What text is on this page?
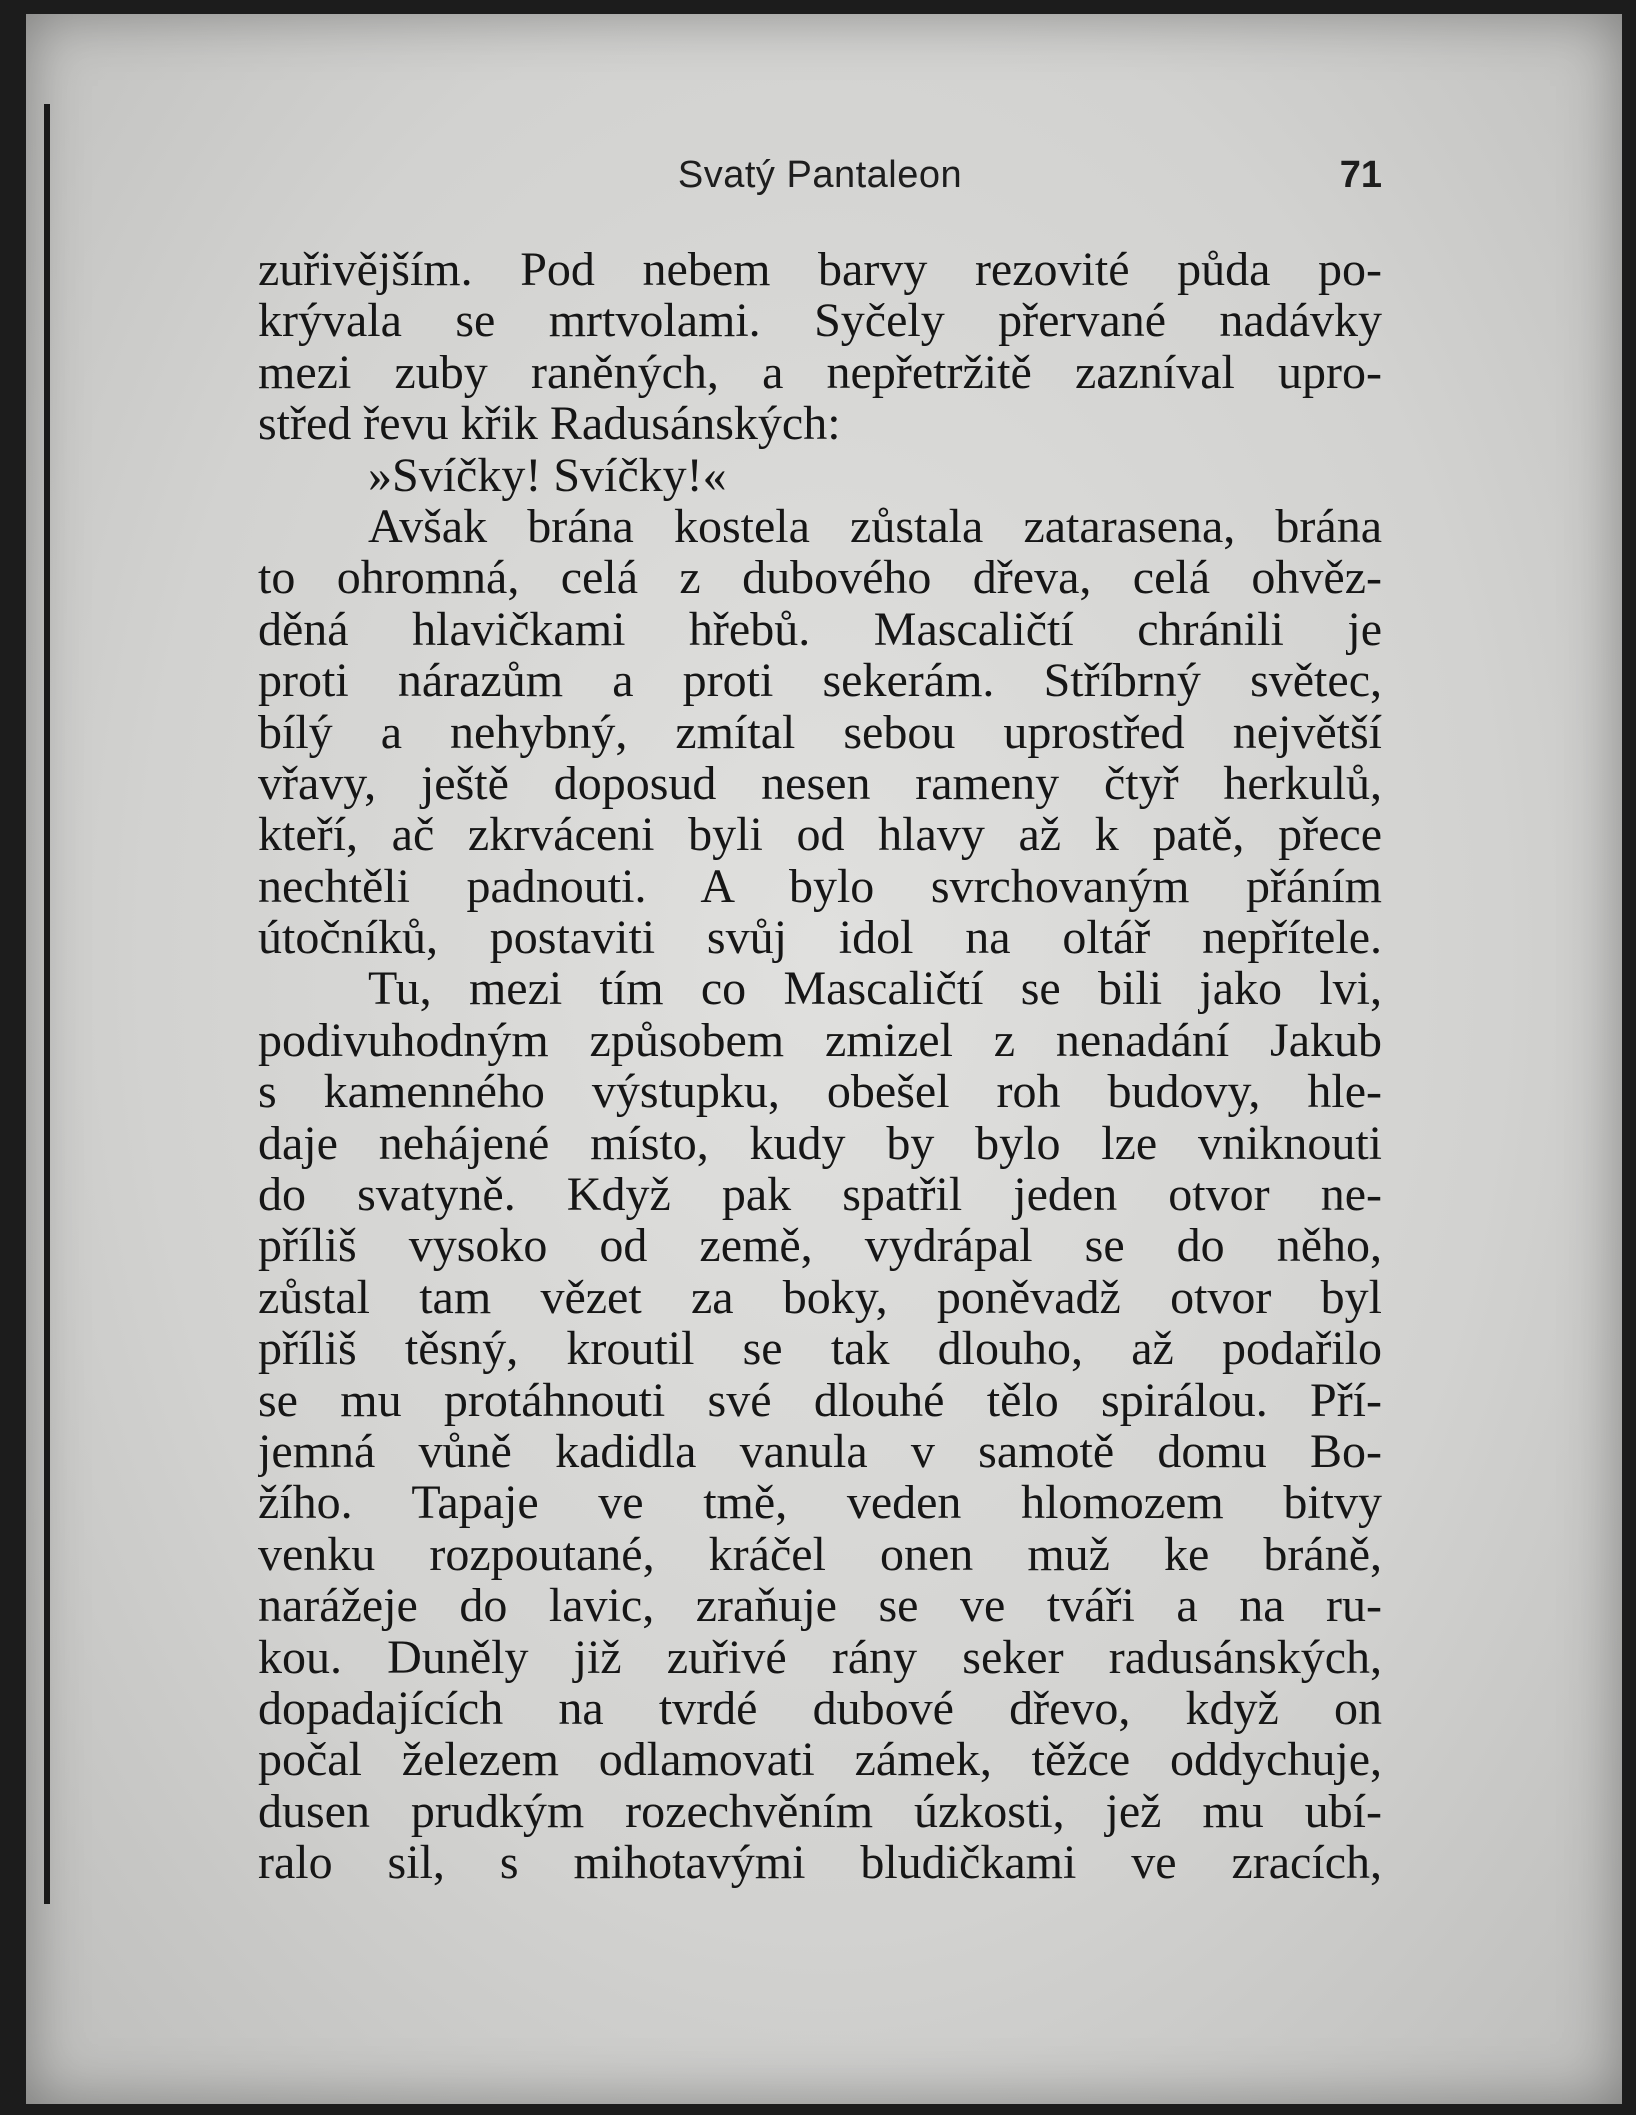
Svatý Pantaleon	71
zuřivějším. Pod nebem barvy rezovité půda po-
krývala se mrtvolami. Syčely přervané nadávky
mezi zuby raněných, a nepřetržitě zazníval upro-
střed řevu křik Radusánských:
»Svíčky! Svíčky!«
Avšak brána kostela zůstala zatarasena, brána
to ohromná, celá z dubového dřeva, celá ohvěz-
děná hlavičkami hřebů. Mascaličtí chránili je
proti nárazům a proti sekerám. Stříbrný světec,
bílý a nehybný, zmítal sebou uprostřed největší
vřavy, ještě doposud nesen rameny čtyř herkulů,
kteří, ač zkrváceni byli od hlavy až k patě, přece
nechtěli padnouti. A bylo svrchovaným přáním
útočníků, postaviti svůj idol na oltář nepřítele.
Tu, mezi tím co Mascaličtí se bili jako lvi,
podivuhodným způsobem zmizel z nenadání Jakub
s kamenného výstupku, obešel roh budovy, hle-
daje nehájené místo, kudy by bylo lze vniknouti
do svatyně. Když pak spatřil jeden otvor ne-
příliš vysoko od země, vydrápal se do něho,
zůstal tam vězet za boky, poněvadž otvor byl
příliš těsný, kroutil se tak dlouho, až podařilo
se mu protáhnouti své dlouhé tělo spirálou. Pří-
jemná vůně kadidla vanula v samotě domu Bo-
žího. Tapaje ve tmě, veden hlomozem bitvy
venku rozpoutané, kráčel onen muž ke bráně,
narážeje do lavic, zraňuje se ve tváři a na ru-
kou. Duněly již zuřivé rány seker radusánských,
dopadajících na tvrdé dubové dřevo, když on
počal železem odlamovati zámek, těžce oddychuje,
dusen prudkým rozechvěním úzkosti, jež mu ubí-
ralo sil, s mihotavými bludičkami ve zracích,
